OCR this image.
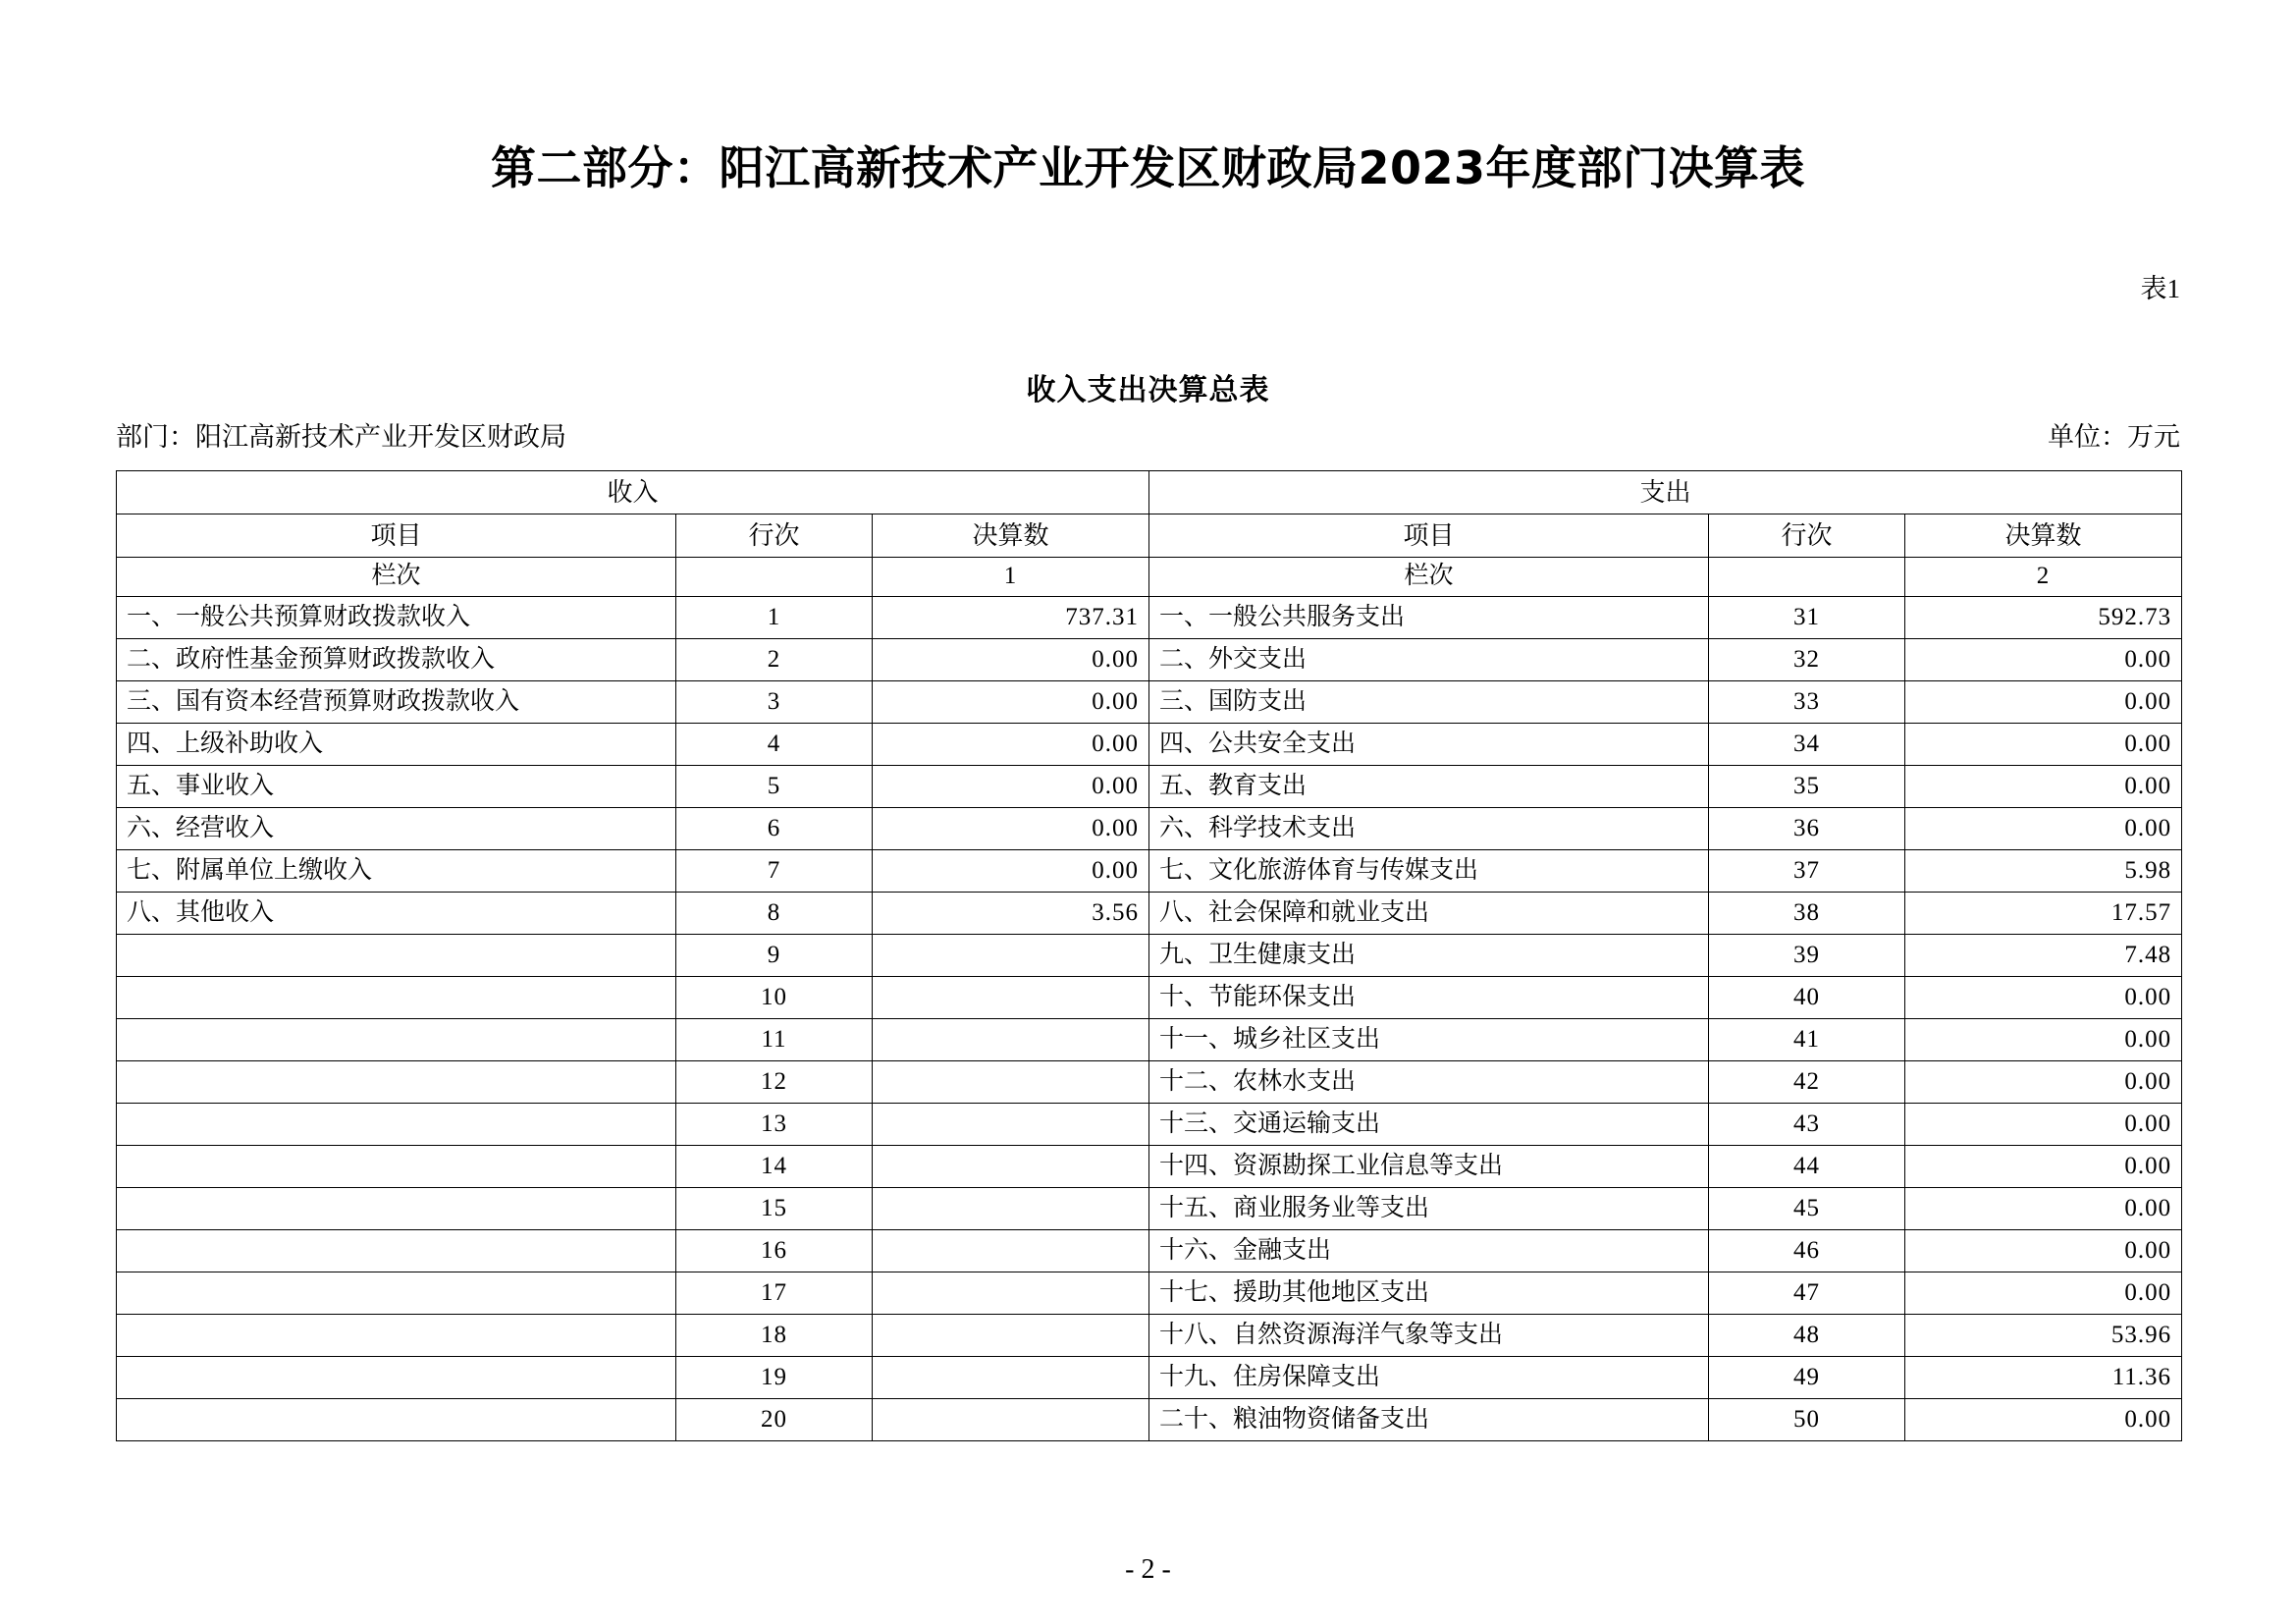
第二部分：阳江高新技术产业开发区财政局2023年度部门决算表
表1
收入支出决算总表
部门：阳江高新技术产业开发区财政局	单位：万元
收入			支出		
项目	行次	决算数	项目	行次	决算数
栏次		1	栏次		2
一、一般公共预算财政拨款收入	1	737.31	一、一般公共服务支出	31	592.73
二、政府性基金预算财政拨款收入	2	0.00	二、外交支出	32	0.00
三、国有资本经营预算财政拨款收入	3	0.00	三、国防支出	33	0.00
四、上级补助收入	4	0.00	四、公共安全支出	34	0.00
五、事业收入	5	0.00	五、教育支出	35	0.00
六、经营收入	6	0.00	六、科学技术支出	36	0.00
七、附属单位上缴收入	7	0.00	七、文化旅游体育与传媒支出	37	5.98
八、其他收入	8	3.56	八、社会保障和就业支出	38	17.57
	9		九、卫生健康支出	39	7.48
	10		十、节能环保支出	40	0.00
	11		十一、城乡社区支出	41	0.00
	12		十二、农林水支出	42	0.00
	13		十三、交通运输支出	43	0.00
	14		十四、资源勘探工业信息等支出	44	0.00
	15		十五、商业服务业等支出	45	0.00
	16		十六、金融支出	46	0.00
	17		十七、援助其他地区支出	47	0.00
	18		十八、自然资源海洋气象等支出	48	53.96
	19		十九、住房保障支出	49	11.36
	20		二十、粮油物资储备支出	50	0.00
- 2 -
